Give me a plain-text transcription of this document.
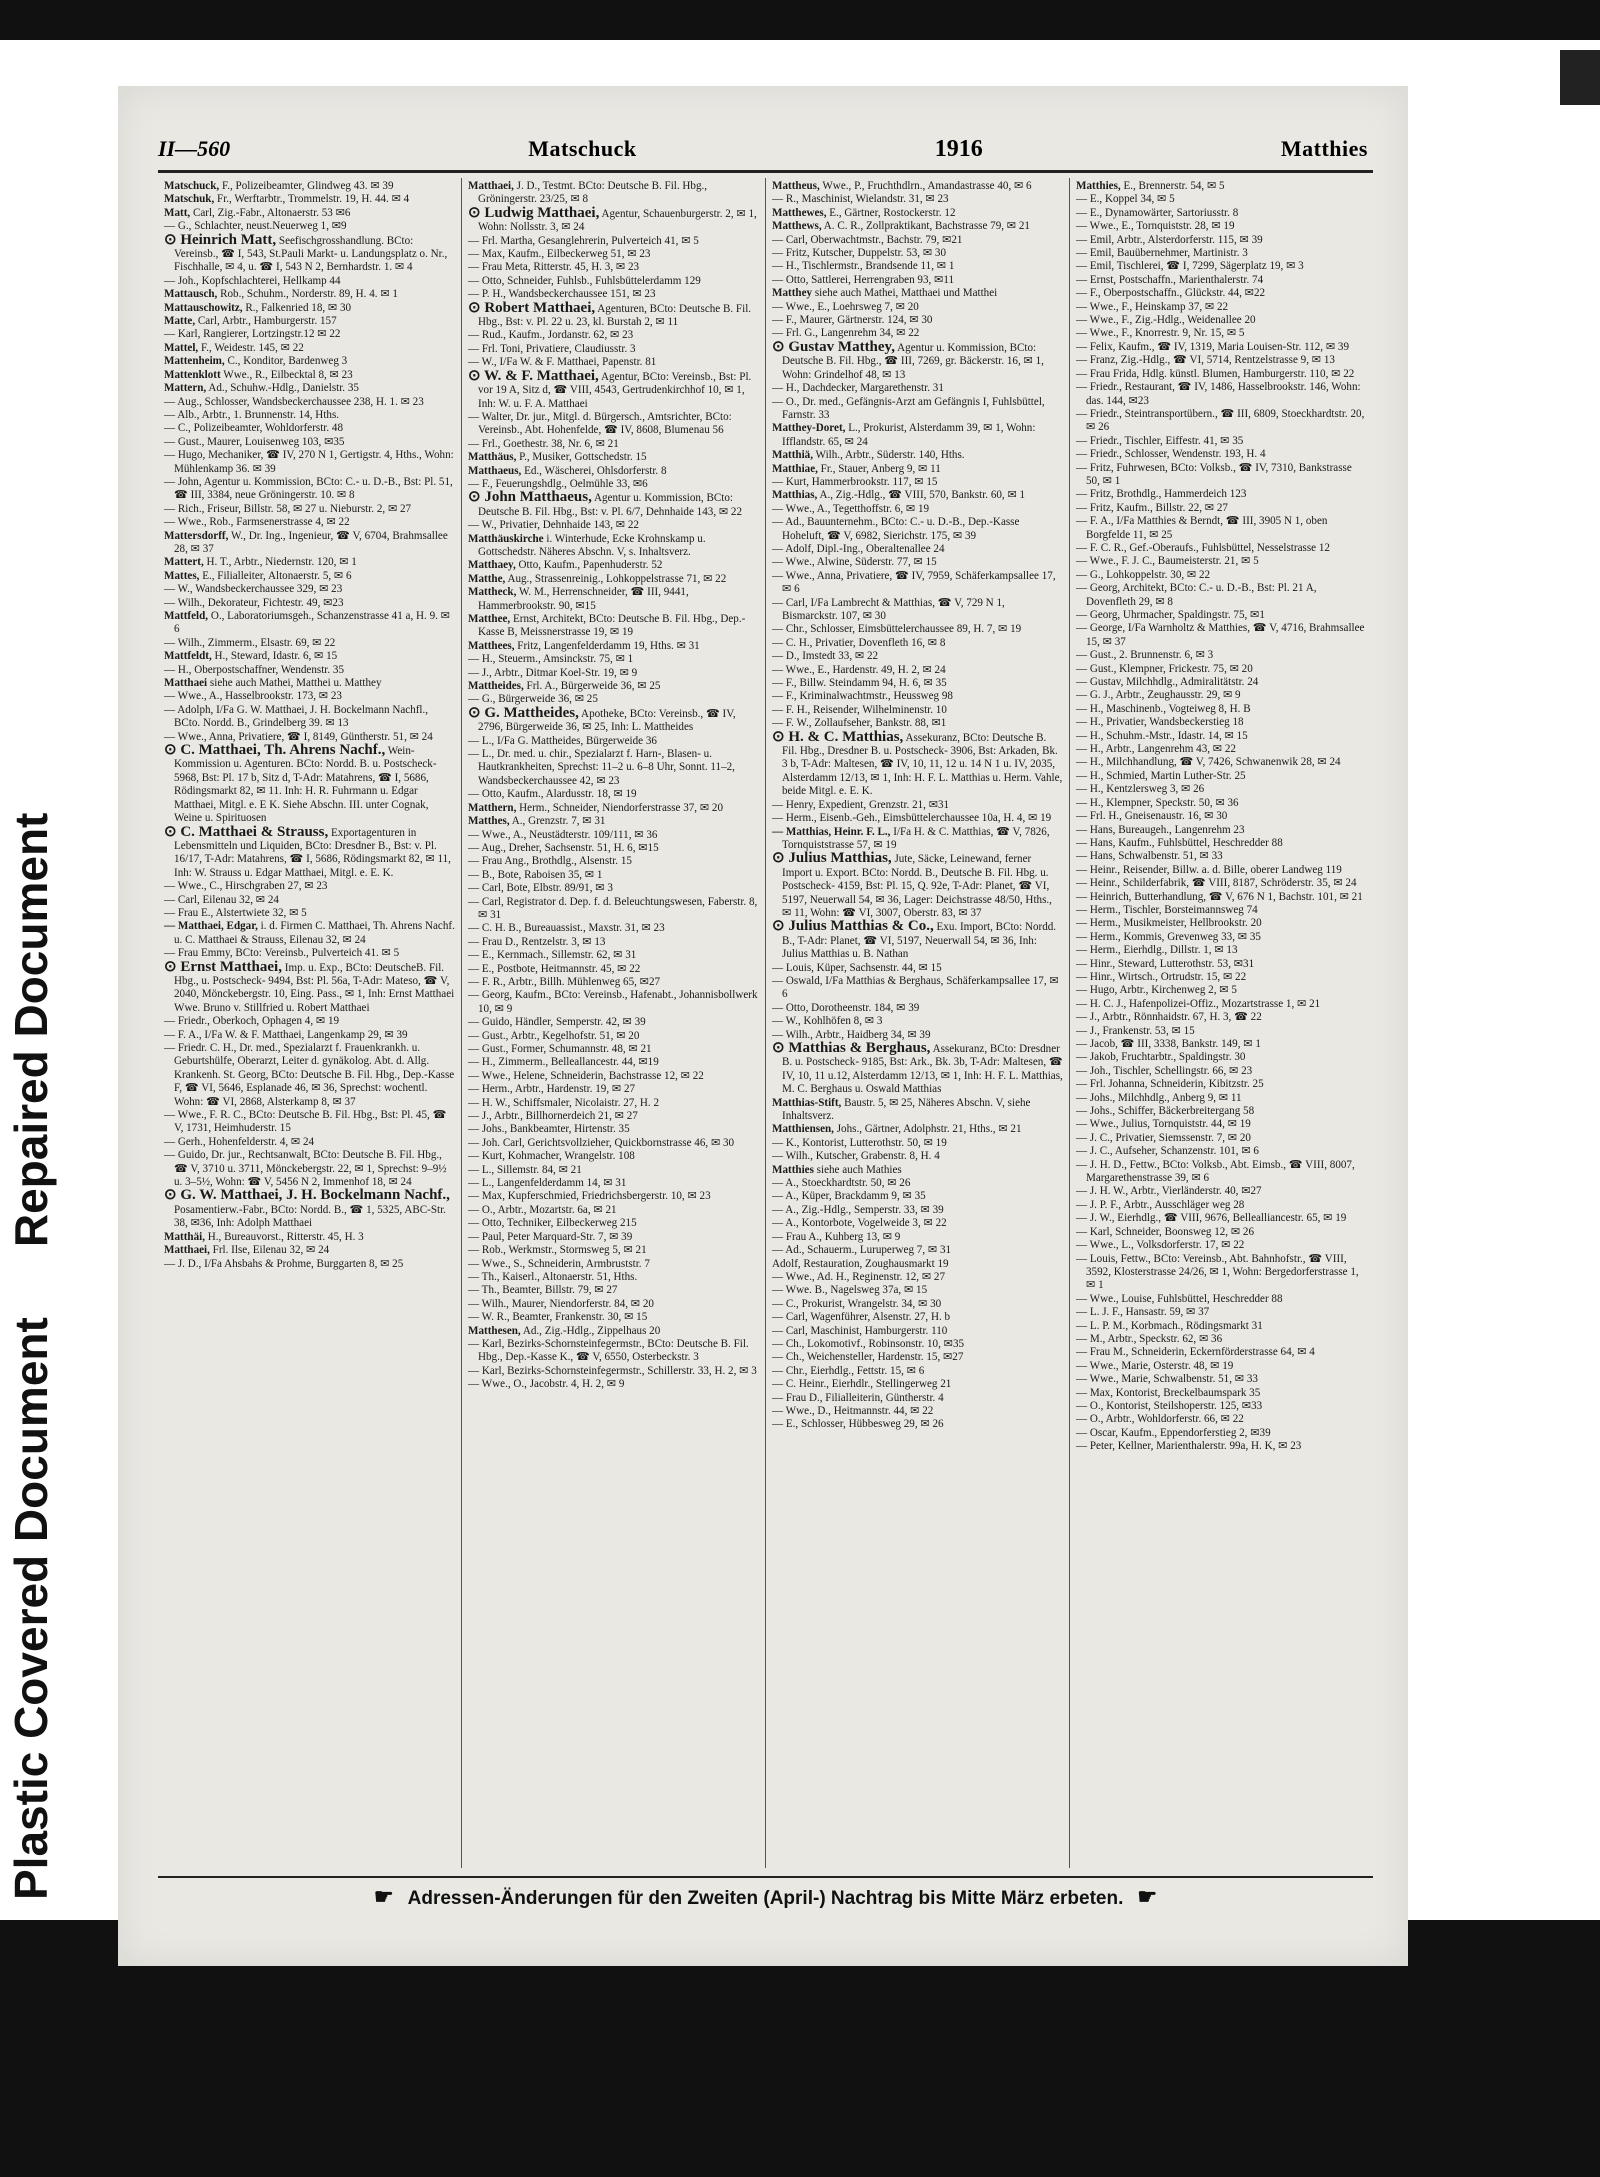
Plastic Covered Document
Repaired Document
II—560	Matschuck	1916	Matthies

Matschuck, F., Polizeibeamter, Glindweg 43. ✉ 39

Matschuk, Fr., Werftarbtr., Trommelstr. 19, H. 44. ✉ 4

Matt, Carl, Zig.-Fabr., Altonaerstr. 53 ✉6

— G., Schlachter, neust.Neuerweg 1, ✉9

⊙ Heinrich Matt, Seefischgrosshandlung. BCto: Vereinsb., ☎ I, 543, St.Pauli Markt- u. Landungsplatz o. Nr., Fischhalle, ✉ 4, u. ☎ I, 543 N 2, Bernhardstr. 1. ✉ 4

— Joh., Kopfschlachterei, Hellkamp 44

Mattausch, Rob., Schuhm., Norderstr. 89, H. 4. ✉ 1

Mattauschowitz, R., Falkenried 18, ✉ 30

Matte, Carl, Arbtr., Hamburgerstr. 157

— Karl, Rangierer, Lortzingstr.12 ✉ 22

Mattel, F., Weidestr. 145, ✉ 22

Mattenheim, C., Konditor, Bardenweg 3

Mattenklott Wwe., R., Eilbecktal 8, ✉ 23

Mattern, Ad., Schuhw.-Hdlg., Danielstr. 35

— Aug., Schlosser, Wandsbeckerchaussee 238, H. 1. ✉ 23

— Alb., Arbtr., 1. Brunnenstr. 14, Hths.

— C., Polizeibeamter, Wohldorferstr. 48

— Gust., Maurer, Louisenweg 103, ✉35

— Hugo, Mechaniker, ☎ IV, 270 N 1, Gertigstr. 4, Hths., Wohn: Mühlenkamp 36. ✉ 39

— John, Agentur u. Kommission, BCto: C.- u. D.-B., Bst: Pl. 51, ☎ III, 3384, neue Gröningerstr. 10. ✉ 8

— Rich., Friseur, Billstr. 58, ✉ 27 u. Nieburstr. 2, ✉ 27

— Wwe., Rob., Farmsenerstrasse 4, ✉ 22

Mattersdorff, W., Dr. Ing., Ingenieur, ☎ V, 6704, Brahmsallee 28, ✉ 37

Mattert, H. T., Arbtr., Niedernstr. 120, ✉ 1

Mattes, E., Filialleiter, Altonaerstr. 5, ✉ 6

— W., Wandsbeckerchaussee 329, ✉ 23

— Wilh., Dekorateur, Fichtestr. 49, ✉23

Mattfeld, O., Laboratoriumsgeh., Schanzenstrasse 41 a, H. 9. ✉ 6

— Wilh., Zimmerm., Elsastr. 69, ✉ 22

Mattfeldt, H., Steward, Idastr. 6, ✉ 15

— H., Oberpostschaffner, Wendenstr. 35

Matthaei siehe auch Mathei, Matthei u. Matthey

— Wwe., A., Hasselbrookstr. 173, ✉ 23

— Adolph, I/Fa G. W. Matthaei, J. H. Bockelmann Nachfl., BCto. Nordd. B., Grindelberg 39. ✉ 13

— Wwe., Anna, Privatiere, ☎ I, 8149, Güntherstr. 51, ✉ 24

⊙ C. Matthaei, Th. Ahrens Nachf., Wein-Kommission u. Agenturen. BCto: Nordd. B. u. Postscheck- 5968, Bst: Pl. 17 b, Sitz d, T-Adr: Matahrens, ☎ I, 5686, Rödingsmarkt 82, ✉ 11. Inh: H. R. Fuhrmann u. Edgar Matthaei, Mitgl. e. E K. Siehe Abschn. III. unter Cognak, Weine u. Spirituosen

⊙ C. Matthaei & Strauss, Exportagenturen in Lebensmitteln und Liquiden, BCto: Dresdner B., Bst: v. Pl. 16/17, T-Adr: Matahrens, ☎ I, 5686, Rödingsmarkt 82, ✉ 11, Inh: W. Strauss u. Edgar Matthaei, Mitgl. e. E. K.

— Wwe., C., Hirschgraben 27, ✉ 23

— Carl, Eilenau 32, ✉ 24

— Frau E., Alstertwiete 32, ✉ 5

— Matthaei, Edgar, i. d. Firmen C. Matthaei, Th. Ahrens Nachf. u. C. Matthaei & Strauss, Eilenau 32, ✉ 24

— Frau Emmy, BCto: Vereinsb., Pulverteich 41. ✉ 5

⊙ Ernst Matthaei, Imp. u. Exp., BCto: DeutscheB. Fil. Hbg., u. Postscheck- 9494, Bst: Pl. 56a, T-Adr: Mateso, ☎ V, 2040, Mönckebergstr. 10, Eing. Pass., ✉ 1, Inh: Ernst Matthaei Wwe. Bruno v. Stillfried u. Robert Matthaei

— Friedr., Oberkoch, Ophagen 4, ✉ 19

— F. A., I/Fa W. & F. Matthaei, Langenkamp 29, ✉ 39

— Friedr. C. H., Dr. med., Spezialarzt f. Frauenkrankh. u. Geburtshülfe, Oberarzt, Leiter d. gynäkolog. Abt. d. Allg. Krankenh. St. Georg, BCto: Deutsche B. Fil. Hbg., Dep.-Kasse F, ☎ VI, 5646, Esplanade 46, ✉ 36, Sprechst: wochentl. Wohn: ☎ VI, 2868, Alsterkamp 8, ✉ 37

— Wwe., F. R. C., BCto: Deutsche B. Fil. Hbg., Bst: Pl. 45, ☎ V, 1731, Heimhuderstr. 15

— Gerh., Hohenfelderstr. 4, ✉ 24

— Guido, Dr. jur., Rechtsanwalt, BCto: Deutsche B. Fil. Hbg., ☎ V, 3710 u. 3711, Mönckebergstr. 22, ✉ 1, Sprechst: 9–9½ u. 3–5½, Wohn: ☎ V, 5456 N 2, Immenhof 18, ✉ 24

⊙ G. W. Matthaei, J. H. Bockelmann Nachf., Posamentierw.-Fabr., BCto: Nordd. B., ☎ 1, 5325, ABC-Str. 38, ✉36, Inh: Adolph Matthaei

Matthäi, H., Bureauvorst., Ritterstr. 45, H. 3

Matthaei, Frl. Ilse, Eilenau 32, ✉ 24

— J. D., I/Fa Ahsbahs & Prohme, Burggarten 8, ✉ 25

Matthaei, J. D., Testmt. BCto: Deutsche B. Fil. Hbg., Gröningerstr. 23/25, ✉ 8

⊙ Ludwig Matthaei, Agentur, Schauenburgerstr. 2, ✉ 1, Wohn: Nollsstr. 3, ✉ 24

— Frl. Martha, Gesanglehrerin, Pulverteich 41, ✉ 5

— Max, Kaufm., Eilbeckerweg 51, ✉ 23

— Frau Meta, Ritterstr. 45, H. 3, ✉ 23

— Otto, Schneider, Fuhlsb., Fuhlsbüttelerdamm 129

— P. H., Wandsbeckerchaussee 151, ✉ 23

⊙ Robert Matthaei, Agenturen, BCto: Deutsche B. Fil. Hbg., Bst: v. Pl. 22 u. 23, kl. Burstah 2, ✉ 11

— Rud., Kaufm., Jordanstr. 62, ✉ 23

— Frl. Toni, Privatiere, Claudiusstr. 3

— W., I/Fa W. & F. Matthaei, Papenstr. 81

⊙ W. & F. Matthaei, Agentur, BCto: Vereinsb., Bst: Pl. vor 19 A, Sitz d, ☎ VIII, 4543, Gertrudenkirchhof 10, ✉ 1, Inh: W. u. F. A. Matthaei

— Walter, Dr. jur., Mitgl. d. Bürgersch., Amtsrichter, BCto: Vereinsb., Abt. Hohenfelde, ☎ IV, 8608, Blumenau 56

— Frl., Goethestr. 38, Nr. 6, ✉ 21

Matthäus, P., Musiker, Gottschedstr. 15

Matthaeus, Ed., Wäscherei, Ohlsdorferstr. 8

— F., Feuerungshdlg., Oelmühle 33, ✉6

⊙ John Matthaeus, Agentur u. Kommission, BCto: Deutsche B. Fil. Hbg., Bst: v. Pl. 6/7, Dehnhaide 143, ✉ 22

— W., Privatier, Dehnhaide 143, ✉ 22

Matthäuskirche i. Winterhude, Ecke Krohnskamp u. Gottschedstr. Näheres Abschn. V, s. Inhaltsverz.

Matthaey, Otto, Kaufm., Papenhuderstr. 52

Matthe, Aug., Strassenreinig., Lohkoppelstrasse 71, ✉ 22

Mattheck, W. M., Herrenschneider, ☎ III, 9441, Hammerbrookstr. 90, ✉15

Matthee, Ernst, Architekt, BCto: Deutsche B. Fil. Hbg., Dep.-Kasse B, Meissnerstrasse 19, ✉ 19

Matthees, Fritz, Langenfelderdamm 19, Hths. ✉ 31

— H., Steuerm., Amsinckstr. 75, ✉ 1

— J., Arbtr., Ditmar Koel-Str. 19, ✉ 9

Mattheides, Frl. A., Bürgerweide 36, ✉ 25

— G., Bürgerweide 36, ✉ 25

⊙ G. Mattheides, Apotheke, BCto: Vereinsb., ☎ IV, 2796, Bürgerweide 36, ✉ 25, Inh: L. Mattheides

— L., I/Fa G. Mattheides, Bürgerweide 36

— L., Dr. med. u. chir., Spezialarzt f. Harn-, Blasen- u. Hautkrankheiten, Sprechst: 11–2 u. 6–8 Uhr, Sonnt. 11–2, Wandsbeckerchaussee 42, ✉ 23

— Otto, Kaufm., Alardusstr. 18, ✉ 19

Matthern, Herm., Schneider, Niendorferstrasse 37, ✉ 20

Matthes, A., Grenzstr. 7, ✉ 31

— Wwe., A., Neustädterstr. 109/111, ✉ 36

— Aug., Dreher, Sachsenstr. 51, H. 6, ✉15

— Frau Ang., Brothdlg., Alsenstr. 15

— B., Bote, Raboisen 35, ✉ 1

— Carl, Bote, Elbstr. 89/91, ✉ 3

— Carl, Registrator d. Dep. f. d. Beleuchtungswesen, Faberstr. 8, ✉ 31

— C. H. B., Bureauassist., Maxstr. 31, ✉ 23

— Frau D., Rentzelstr. 3, ✉ 13

— E., Kernmach., Sillemstr. 62, ✉ 31

— E., Postbote, Heitmannstr. 45, ✉ 22

— F. R., Arbtr., Billh. Mühlenweg 65, ✉27

— Georg, Kaufm., BCto: Vereinsb., Hafenabt., Johannisbollwerk 10, ✉ 9

— Guido, Händler, Semperstr. 42, ✉ 39

— Gust., Arbtr., Kegelhofstr. 51, ✉ 20

— Gust., Former, Schumannstr. 48, ✉ 21

— H., Zimmerm., Belleallancestr. 44, ✉19

— Wwe., Helene, Schneiderin, Bachstrasse 12, ✉ 22

— Herm., Arbtr., Hardenstr. 19, ✉ 27

— H. W., Schiffsmaler, Nicolaistr. 27, H. 2

— J., Arbtr., Billhornerdeich 21, ✉ 27

— Johs., Bankbeamter, Hirtenstr. 35

— Joh. Carl, Gerichtsvollzieher, Quickbornstrasse 46, ✉ 30

— Kurt, Kohmacher, Wrangelstr. 108

— L., Sillemstr. 84, ✉ 21

— L., Langenfelderdamm 14, ✉ 31

— Max, Kupferschmied, Friedrichsbergerstr. 10, ✉ 23

— O., Arbtr., Mozartstr. 6a, ✉ 21

— Otto, Techniker, Eilbeckerweg 215

— Paul, Peter Marquard-Str. 7, ✉ 39

— Rob., Werkmstr., Stormsweg 5, ✉ 21

— Wwe., S., Schneiderin, Armbruststr. 7

— Th., Kaiserl., Altonaerstr. 51, Hths.

— Th., Beamter, Billstr. 79, ✉ 27

— Wilh., Maurer, Niendorferstr. 84, ✉ 20

— W. R., Beamter, Frankenstr. 30, ✉ 15

Matthesen, Ad., Zig.-Hdlg., Zippelhaus 20

— Karl, Bezirks-Schornsteinfegermstr., BCto: Deutsche B. Fil. Hbg., Dep.-Kasse K., ☎ V, 6550, Osterbeckstr. 3

— Karl, Bezirks-Schornsteinfegermstr., Schillerstr. 33, H. 2, ✉ 3

— Wwe., O., Jacobstr. 4, H. 2, ✉ 9

Mattheus, Wwe., P., Fruchthdlrn., Amandastrasse 40, ✉ 6

— R., Maschinist, Wielandstr. 31, ✉ 23

Matthewes, E., Gärtner, Rostockerstr. 12

Matthews, A. C. R., Zollpraktikant, Bachstrasse 79, ✉ 21

— Carl, Oberwachtmstr., Bachstr. 79, ✉21

— Fritz, Kutscher, Duppelstr. 53, ✉ 30

— H., Tischlermstr., Brandsende 11, ✉ 1

— Otto, Sattlerei, Herrengraben 93, ✉11

Matthey siehe auch Mathei, Matthaei und Matthei

— Wwe., E., Loehrsweg 7, ✉ 20

— F., Maurer, Gärtnerstr. 124, ✉ 30

— Frl. G., Langenrehm 34, ✉ 22

⊙ Gustav Matthey, Agentur u. Kommission, BCto: Deutsche B. Fil. Hbg., ☎ III, 7269, gr. Bäckerstr. 16, ✉ 1, Wohn: Grindelhof 48, ✉ 13

— H., Dachdecker, Margarethenstr. 31

— O., Dr. med., Gefängnis-Arzt am Gefängnis I, Fuhlsbüttel, Farnstr. 33

Matthey-Doret, L., Prokurist, Alsterdamm 39, ✉ 1, Wohn: Ifflandstr. 65, ✉ 24

Matthiä, Wilh., Arbtr., Süderstr. 140, Hths.

Matthiae, Fr., Stauer, Anberg 9, ✉ 11

— Kurt, Hammerbrookstr. 117, ✉ 15

Matthias, A., Zig.-Hdlg., ☎ VIII, 570, Bankstr. 60, ✉ 1

— Wwe., A., Tegetthoffstr. 6, ✉ 19

— Ad., Bauunternehm., BCto: C.- u. D.-B., Dep.-Kasse Hoheluft, ☎ V, 6982, Sierichstr. 175, ✉ 39

— Adolf, Dipl.-Ing., Oberaltenallee 24

— Wwe., Alwine, Süderstr. 77, ✉ 15

— Wwe., Anna, Privatiere, ☎ IV, 7959, Schäferkampsallee 17, ✉ 6

— Carl, I/Fa Lambrecht & Matthias, ☎ V, 729 N 1, Bismarckstr. 107, ✉ 30

— Chr., Schlosser, Eimsbüttelerchaussee 89, H. 7, ✉ 19

— C. H., Privatier, Dovenfleth 16, ✉ 8

— D., Imstedt 33, ✉ 22

— Wwe., E., Hardenstr. 49, H. 2, ✉ 24

— F., Billw. Steindamm 94, H. 6, ✉ 35

— F., Kriminalwachtmstr., Heussweg 98

— F. H., Reisender, Wilhelminenstr. 10

— F. W., Zollaufseher, Bankstr. 88, ✉1

⊙ H. & C. Matthias, Assekuranz, BCto: Deutsche B. Fil. Hbg., Dresdner B. u. Postscheck- 3906, Bst: Arkaden, Bk. 3 b, T-Adr: Maltesen, ☎ IV, 10, 11, 12 u. 14 N 1 u. IV, 2035, Alsterdamm 12/13, ✉ 1, Inh: H. F. L. Matthias u. Herm. Vahle, beide Mitgl. e. E. K.

— Henry, Expedient, Grenzstr. 21, ✉31

— Herm., Eisenb.-Geh., Eimsbüttelerchaussee 10a, H. 4, ✉ 19

— Matthias, Heinr. F. L., I/Fa H. & C. Matthias, ☎ V, 7826, Tornquiststrasse 57, ✉ 19

⊙ Julius Matthias, Jute, Säcke, Leinewand, ferner Import u. Export. BCto: Nordd. B., Deutsche B. Fil. Hbg. u. Postscheck- 4159, Bst: Pl. 15, Q. 92e, T-Adr: Planet, ☎ VI, 5197, Neuerwall 54, ✉ 36, Lager: Deichstrasse 48/50, Hths., ✉ 11, Wohn: ☎ VI, 3007, Oberstr. 83, ✉ 37

⊙ Julius Matthias & Co., Exu. Import, BCto: Nordd. B., T-Adr: Planet, ☎ VI, 5197, Neuerwall 54, ✉ 36, Inh: Julius Matthias u. B. Nathan

— Louis, Küper, Sachsenstr. 44, ✉ 15

— Oswald, I/Fa Matthias & Berghaus, Schäferkampsallee 17, ✉ 6

— Otto, Dorotheenstr. 184, ✉ 39

— W., Kohlhöfen 8, ✉ 3

— Wilh., Arbtr., Haidberg 34, ✉ 39

⊙ Matthias & Berghaus, Assekuranz, BCto: Dresdner B. u. Postscheck- 9185, Bst: Ark., Bk. 3b, T-Adr: Maltesen, ☎ IV, 10, 11 u.12, Alsterdamm 12/13, ✉ 1, Inh: H. F. L. Matthias, M. C. Berghaus u. Oswald Matthias

Matthias-Stift, Baustr. 5, ✉ 25, Näheres Abschn. V, siehe Inhaltsverz.

Matthiensen, Johs., Gärtner, Adolphstr. 21, Hths., ✉ 21

— K., Kontorist, Lutterothstr. 50, ✉ 19

— Wilh., Kutscher, Grabenstr. 8, H. 4

Matthies siehe auch Mathies

— A., Stoeckhardtstr. 50, ✉ 26

— A., Küper, Brackdamm 9, ✉ 35

— A., Zig.-Hdlg., Semperstr. 33, ✉ 39

— A., Kontorbote, Vogelweide 3, ✉ 22

— Frau A., Kuhberg 13, ✉ 9

— Ad., Schauerm., Luruperweg 7, ✉ 31

Adolf, Restauration, Zoughausmarkt 19

— Wwe., Ad. H., Reginenstr. 12, ✉ 27

— Wwe. B., Nagelsweg 37a, ✉ 15

— C., Prokurist, Wrangelstr. 34, ✉ 30

— Carl, Wagenführer, Alsenstr. 27, H. b

— Carl, Maschinist, Hamburgerstr. 110

— Ch., Lokomotivf., Robinsonstr. 10, ✉35

— Ch., Weichensteller, Hardenstr. 15, ✉27

— Chr., Eierhdlg., Fettstr. 15, ✉ 6

— C. Heinr., Eierhdlr., Stellingerweg 21

— Frau D., Filialleiterin, Güntherstr. 4

— Wwe., D., Heitmannstr. 44, ✉ 22

— E., Schlosser, Hübbesweg 29, ✉ 26

Matthies, E., Brennerstr. 54, ✉ 5

— E., Koppel 34, ✉ 5

— E., Dynamowärter, Sartoriusstr. 8

— Wwe., E., Tornquiststr. 28, ✉ 19

— Emil, Arbtr., Alsterdorferstr. 115, ✉ 39

— Emil, Bauübernehmer, Martinistr. 3

— Emil, Tischlerei, ☎ I, 7299, Sägerplatz 19, ✉ 3

— Ernst, Postschaffn., Marienthalerstr. 74

— F., Oberpostschaffn., Glückstr. 44, ✉22

— Wwe., F., Heinskamp 37, ✉ 22

— Wwe., F., Zig.-Hdlg., Weidenallee 20

— Wwe., F., Knorrestr. 9, Nr. 15, ✉ 5

— Felix, Kaufm., ☎ IV, 1319, Maria Louisen-Str. 112, ✉ 39

— Franz, Zig.-Hdlg., ☎ VI, 5714, Rentzelstrasse 9, ✉ 13

— Frau Frida, Hdlg. künstl. Blumen, Hamburgerstr. 110, ✉ 22

— Friedr., Restaurant, ☎ IV, 1486, Hasselbrookstr. 146, Wohn: das. 144, ✉23

— Friedr., Steintransportübern., ☎ III, 6809, Stoeckhardtstr. 20, ✉ 26

— Friedr., Tischler, Eiffestr. 41, ✉ 35

— Friedr., Schlosser, Wendenstr. 193, H. 4

— Fritz, Fuhrwesen, BCto: Volksb., ☎ IV, 7310, Bankstrasse 50, ✉ 1

— Fritz, Brothdlg., Hammerdeich 123

— Fritz, Kaufm., Billstr. 22, ✉ 27

— F. A., I/Fa Matthies & Berndt, ☎ III, 3905 N 1, oben Borgfelde 11, ✉ 25

— F. C. R., Gef.-Oberaufs., Fuhlsbüttel, Nesselstrasse 12

— Wwe., F. J. C., Baumeisterstr. 21, ✉ 5

— G., Lohkoppelstr. 30, ✉ 22

— Georg, Architekt, BCto: C.- u. D.-B., Bst: Pl. 21 A, Dovenfleth 29, ✉ 8

— Georg, Uhrmacher, Spaldingstr. 75, ✉1

— George, I/Fa Warnholtz & Matthies, ☎ V, 4716, Brahmsallee 15, ✉ 37

— Gust., 2. Brunnenstr. 6, ✉ 3

— Gust., Klempner, Frickestr. 75, ✉ 20

— Gustav, Milchhdlg., Admiralitätstr. 24

— G. J., Arbtr., Zeughausstr. 29, ✉ 9

— H., Maschinenb., Vogteiweg 8, H. B

— H., Privatier, Wandsbeckerstieg 18

— H., Schuhm.-Mstr., Idastr. 14, ✉ 15

— H., Arbtr., Langenrehm 43, ✉ 22

— H., Milchhandlung, ☎ V, 7426, Schwanenwik 28, ✉ 24

— H., Schmied, Martin Luther-Str. 25

— H., Kentzlersweg 3, ✉ 26

— H., Klempner, Speckstr. 50, ✉ 36

— Frl. H., Gneisenaustr. 16, ✉ 30

— Hans, Bureaugeh., Langenrehm 23

— Hans, Kaufm., Fuhlsbüttel, Heschredder 88

— Hans, Schwalbenstr. 51, ✉ 33

— Heinr., Reisender, Billw. a. d. Bille, oberer Landweg 119

— Heinr., Schilderfabrik, ☎ VIII, 8187, Schröderstr. 35, ✉ 24

— Heinrich, Butterhandlung, ☎ V, 676 N 1, Bachstr. 101, ✉ 21

— Herm., Tischler, Borsteimannsweg 74

— Herm., Musikmeister, Hellbrookstr. 20

— Herm., Kommis, Grevenweg 33, ✉ 35

— Herm., Eierhdlg., Dillstr. 1, ✉ 13

— Hinr., Steward, Lutterothstr. 53, ✉31

— Hinr., Wirtsch., Ortrudstr. 15, ✉ 22

— Hugo, Arbtr., Kirchenweg 2, ✉ 5

— H. C. J., Hafenpolizei-Offiz., Mozartstrasse 1, ✉ 21

— J., Arbtr., Rönnhaidstr. 67, H. 3, ☎ 22

— J., Frankenstr. 53, ✉ 15

— Jacob, ☎ III, 3338, Bankstr. 149, ✉ 1

— Jakob, Fruchtarbtr., Spaldingstr. 30

— Joh., Tischler, Schellingstr. 66, ✉ 23

— Frl. Johanna, Schneiderin, Kibitzstr. 25

— Johs., Milchhdlg., Anberg 9, ✉ 11

— Johs., Schiffer, Bäckerbreitergang 58

— Wwe., Julius, Tornquiststr. 44, ✉ 19

— J. C., Privatier, Siemssenstr. 7, ✉ 20

— J. C., Aufseher, Schanzenstr. 101, ✉ 6

— J. H. D., Fettw., BCto: Volksb., Abt. Eimsb., ☎ VIII, 8007, Margarethenstrasse 39, ✉ 6

— J. H. W., Arbtr., Vierländerstr. 40, ✉27

— J. P. F., Arbtr., Ausschläger weg 28

— J. W., Eierhdlg., ☎ VIII, 9676, Bellealliancestr. 65, ✉ 19

— Karl, Schneider, Boonsweg 12, ✉ 26

— Wwe., L., Volksdorferstr. 17, ✉ 22

— Louis, Fettw., BCto: Vereinsb., Abt. Bahnhofstr., ☎ VIII, 3592, Klosterstrasse 24/26, ✉ 1, Wohn: Bergedorferstrasse 1, ✉ 1

— Wwe., Louise, Fuhlsbüttel, Heschredder 88

— L. J. F., Hansastr. 59, ✉ 37

— L. P. M., Korbmach., Rödingsmarkt 31

— M., Arbtr., Speckstr. 62, ✉ 36

— Frau M., Schneiderin, Eckernförderstrasse 64, ✉ 4

— Wwe., Marie, Osterstr. 48, ✉ 19

— Wwe., Marie, Schwalbenstr. 51, ✉ 33

— Max, Kontorist, Breckelbaumspark 35

— O., Kontorist, Steilshoperstr. 125, ✉33

— O., Arbtr., Wohldorferstr. 66, ✉ 22

— Oscar, Kaufm., Eppendorferstieg 2, ✉39

— Peter, Kellner, Marienthalerstr. 99a, H. K, ✉ 23

☛ Adressen-Änderungen für den Zweiten (April-) Nachtrag bis Mitte März erbeten. ☛
